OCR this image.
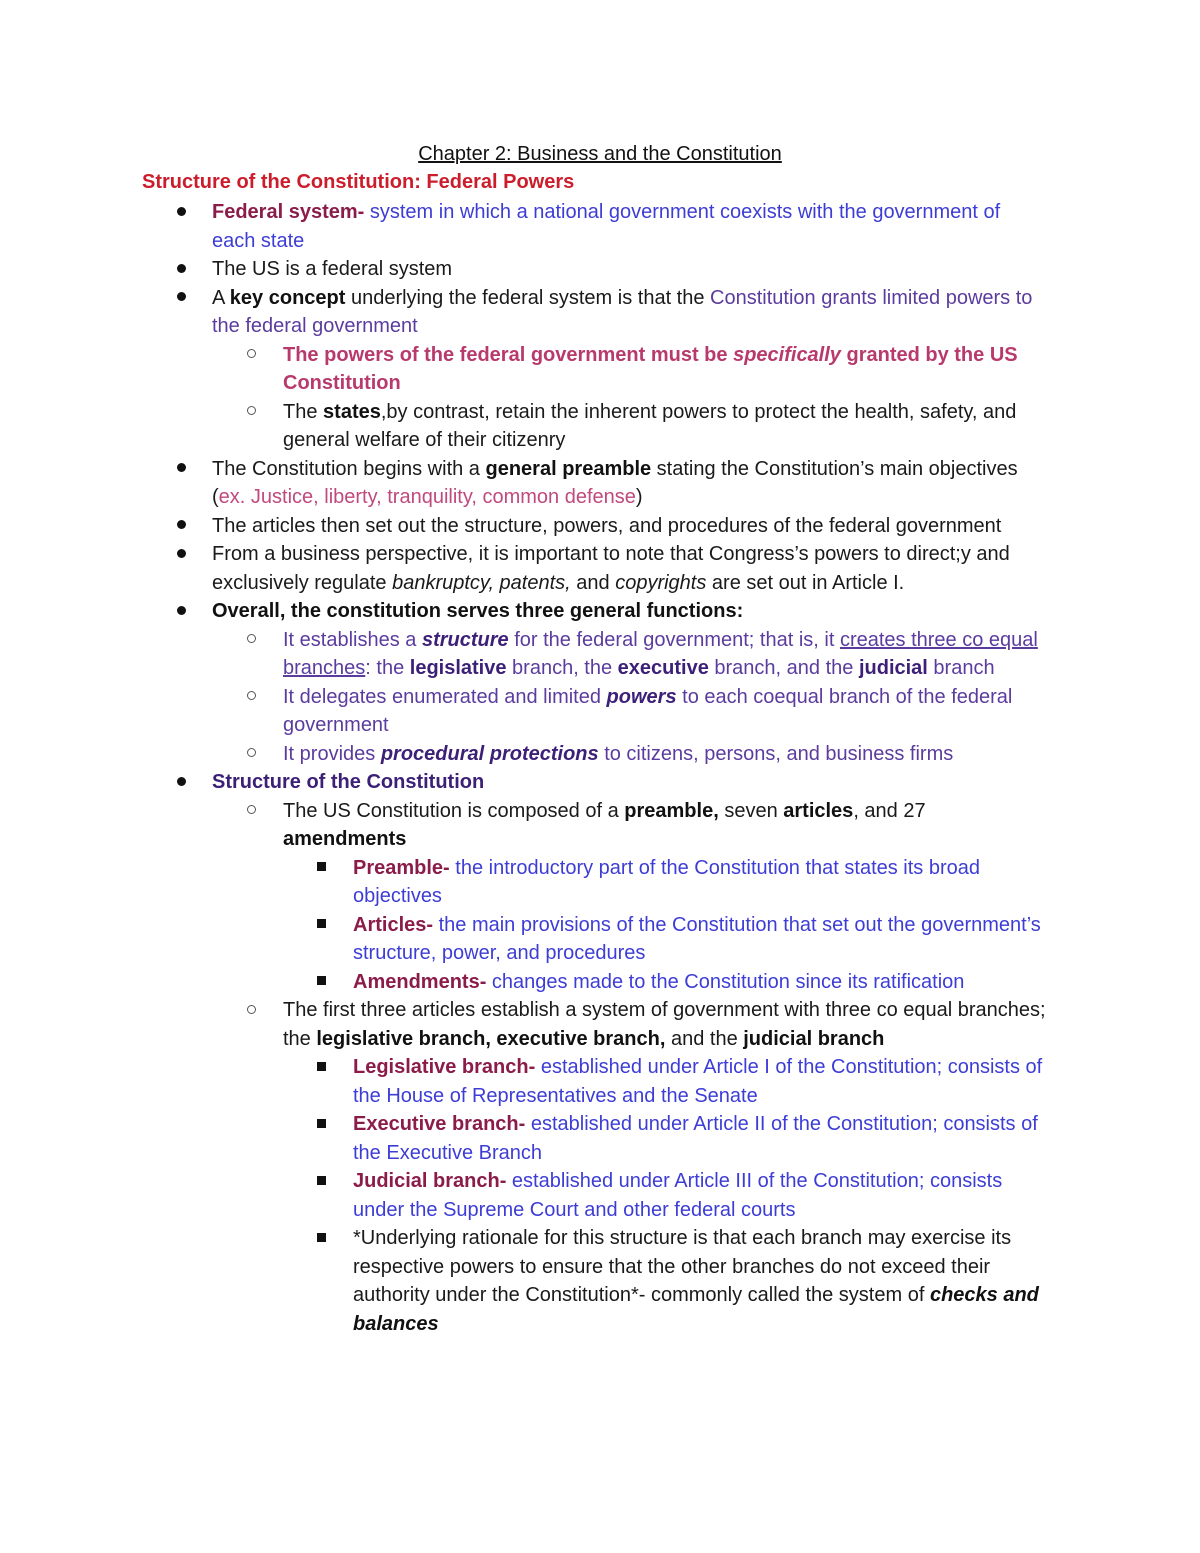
Chapter 2: Business and the Constitution
Structure of the Constitution: Federal Powers
Federal system- system in which a national government coexists with the government of each state
The US is a federal system
A key concept underlying the federal system is that the Constitution grants limited powers to the federal government
The powers of the federal government must be specifically granted by the US Constitution
The states,by contrast, retain the inherent powers to protect the health, safety, and general welfare of their citizenry
The Constitution begins with a general preamble stating the Constitution’s main objectives (ex. Justice, liberty, tranquility, common defense)
The articles then set out the structure, powers, and procedures of the federal government
From a business perspective, it is important to note that Congress’s powers to direct;y and exclusively regulate bankruptcy, patents, and copyrights are set out in Article I.
Overall, the constitution serves three general functions:
It establishes a structure for the federal government; that is, it creates three co equal branches: the legislative branch, the executive branch, and the judicial branch
It delegates enumerated and limited powers to each coequal branch of the federal government
It provides procedural protections to citizens, persons, and business firms
Structure of the Constitution
The US Constitution is composed of a preamble, seven articles, and 27 amendments
Preamble- the introductory part of the Constitution that states its broad objectives
Articles- the main provisions of the Constitution that set out the government’s structure, power, and procedures
Amendments- changes made to the Constitution since its ratification
The first three articles establish a system of government with three co equal branches; the legislative branch, executive branch, and the judicial branch
Legislative branch- established under Article I of the Constitution; consists of the House of Representatives and the Senate
Executive branch- established under Article II of the Constitution; consists of the Executive Branch
Judicial branch- established under Article III of the Constitution; consists under the Supreme Court and other federal courts
*Underlying rationale for this structure is that each branch may exercise its respective powers to ensure that the other branches do not exceed their authority under the Constitution*- commonly called the system of checks and balances
